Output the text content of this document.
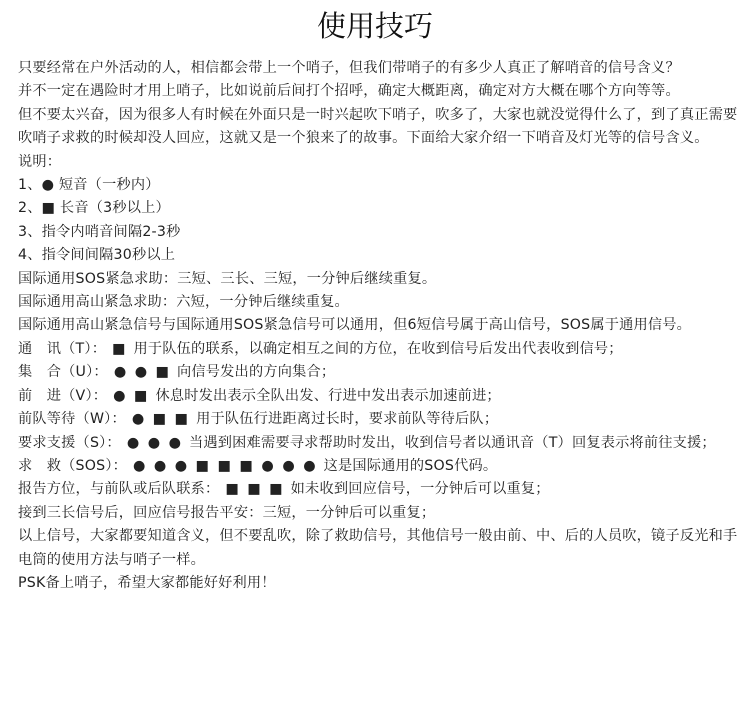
使用技巧

只要经常在户外活动的人，相信都会带上一个哨子，但我们带哨子的有多少人真正了解哨音的信号含义？

并不一定在遇险时才用上哨子，比如说前后间打个招呼，确定大概距离，确定对方大概在哪个方向等等。

但不要太兴奋，因为很多人有时候在外面只是一时兴起吹下哨子，吹多了，大家也就没觉得什么了，到了真正需要吹哨子求救的时候却没人回应，这就又是一个狼来了的故事。下面给大家介绍一下哨音及灯光等的信号含义。

说明：

1、● 短音（一秒内）

2、■ 长音（3秒以上）

3、指令内哨音间隔2-3秒

4、指令间间隔30秒以上

国际通用SOS紧急求助：三短、三长、三短，一分钟后继续重复。

国际通用高山紧急求助：六短，一分钟后继续重复。

国际通用高山紧急信号与国际通用SOS紧急信号可以通用，但6短信号属于高山信号，SOS属于通用信号。

通　讯（T）： ■ 用于队伍的联系，以确定相互之间的方位，在收到信号后发出代表收到信号；

集　合（U）： ● ● ■ 向信号发出的方向集合；

前　进（V）： ● ■ 休息时发出表示全队出发、行进中发出表示加速前进；

前队等待（W）： ● ■ ■ 用于队伍行进距离过长时，要求前队等待后队；

要求支援（S）： ● ● ● 当遇到困难需要寻求帮助时发出，收到信号者以通讯音（T）回复表示将前往支援；

求　救（SOS）： ● ● ● ■ ■ ■ ● ● ● 这是国际通用的SOS代码。

报告方位，与前队或后队联系： ■ ■ ■ 如未收到回应信号，一分钟后可以重复；

接到三长信号后，回应信号报告平安：三短，一分钟后可以重复；

以上信号，大家都要知道含义，但不要乱吹，除了救助信号，其他信号一般由前、中、后的人员吹，镜子反光和手电筒的使用方法与哨子一样。

PSK备上哨子，希望大家都能好好利用！
